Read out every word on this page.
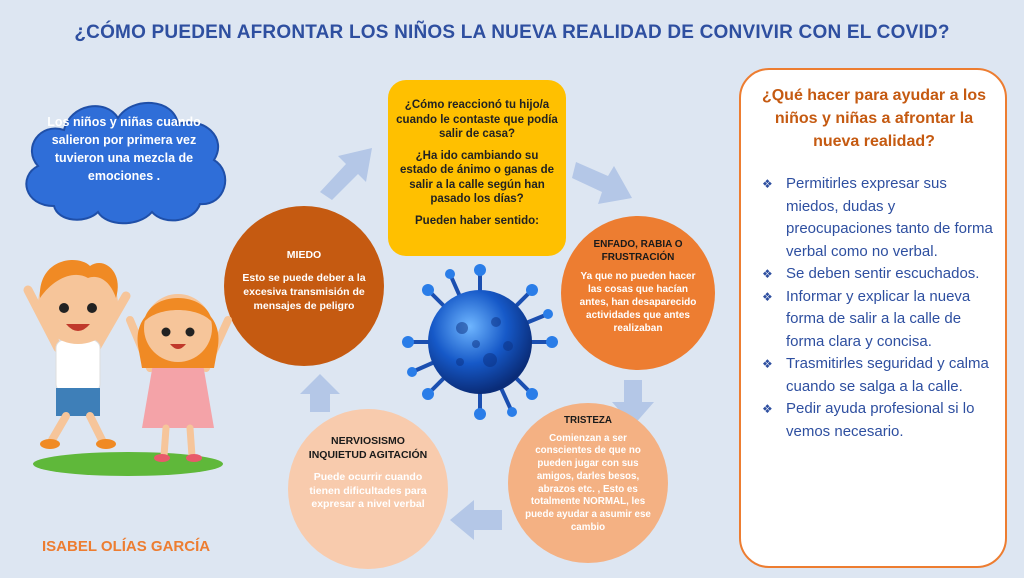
¿CÓMO PUEDEN AFRONTAR LOS NIÑOS LA NUEVA REALIDAD DE CONVIVIR CON EL COVID?
Los niños y niñas cuando salieron por primera vez tuvieron una mezcla de emociones .

¿Cómo reaccionó tu hijo/a cuando le contaste que podía salir de casa?

¿Ha ido cambiando su estado de ánimo o ganas de salir a la calle según han pasado los días?

Pueden haber sentido:

MIEDO
Esto se puede deber a la excesiva transmisión de mensajes de peligro
ENFADO, RABIA O FRUSTRACIÓN
Ya que no pueden hacer las cosas que hacían antes, han desaparecido actividades que antes realizaban
TRISTEZA
Comienzan a ser conscientes de que no pueden jugar con sus amigos, darles besos, abrazos etc. , Esto es totalmente NORMAL, les puede ayudar a asumir ese cambio
NERVIOSISMO INQUIETUD AGITACIÓN
Puede ocurrir cuando tienen dificultades para expresar a nivel verbal
ISABEL OLÍAS GARCÍA
¿Qué hacer para ayudar a los niños y niñas a afrontar la nueva realidad?
❖ Permitirles expresar sus miedos, dudas y preocupaciones tanto de forma verbal como no verbal.
❖ Se deben sentir escuchados.
❖ Informar y explicar la nueva forma de salir a la calle de forma clara y concisa.
❖ Trasmitirles seguridad y calma cuando se salga a la calle.
❖ Pedir ayuda profesional si lo vemos necesario.
